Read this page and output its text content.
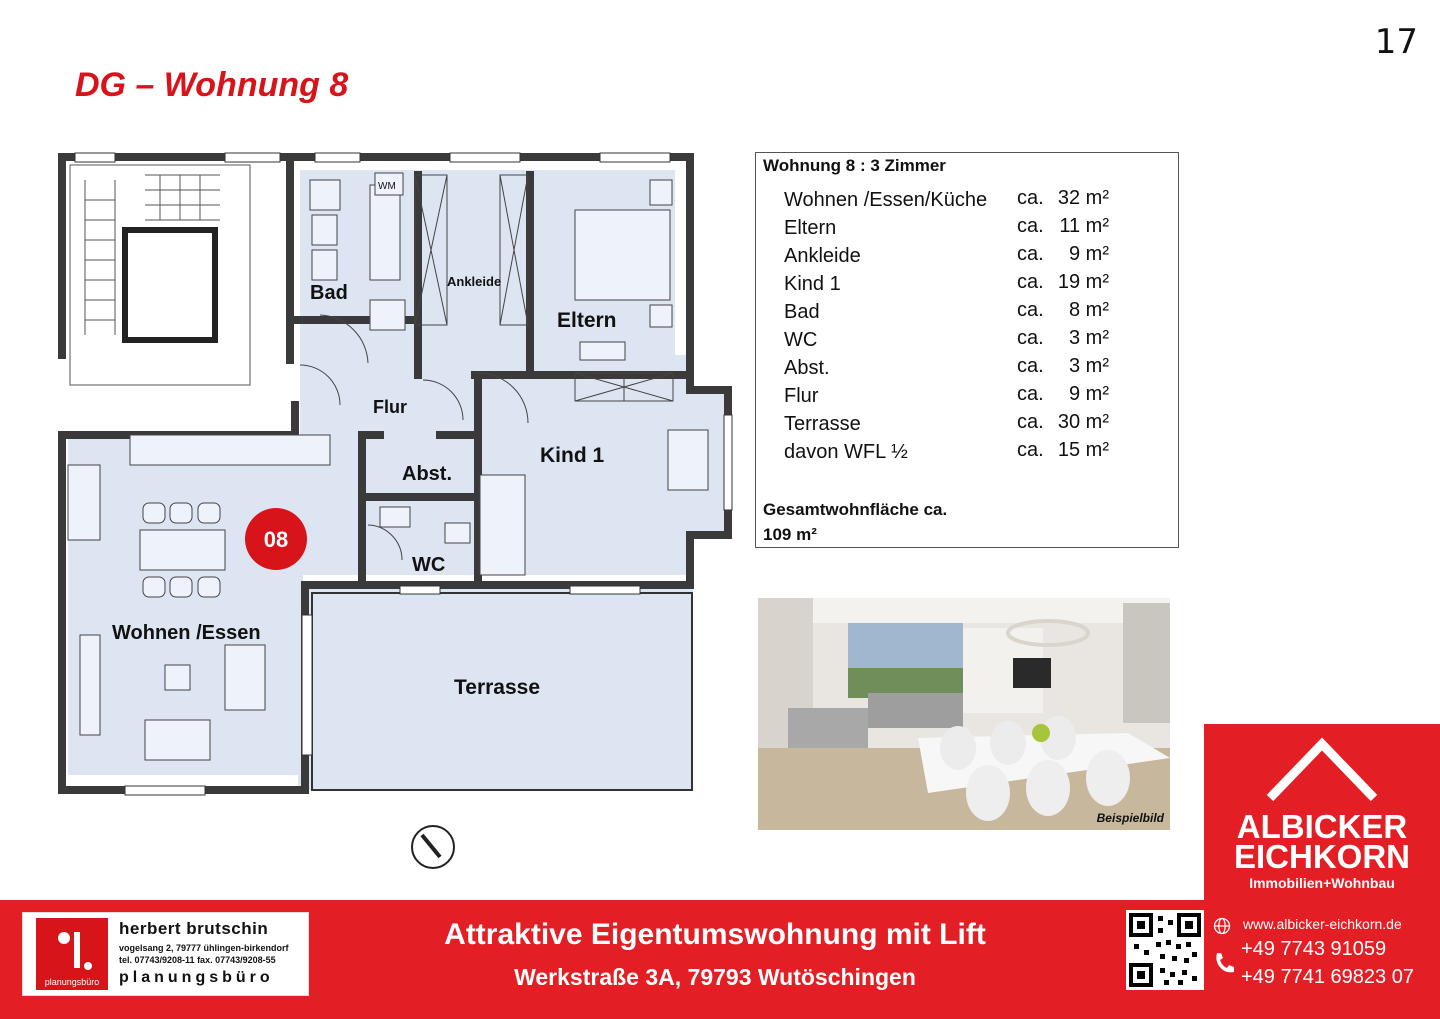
17
DG – Wohnung 8
08
Bad
Ankleide
Eltern
Flur
Abst.
Kind 1
WC
Wohnen /Essen
Terrasse
WM
Wohnung 8 : 3 Zimmer
Wohnen /Essen/Küche ca. 32 m²
Eltern	ca. 11 m²
Ankleide	ca.	9 m²
Kind 1	ca. 19 m²
Bad	ca.	8 m²
WC	ca.	3 m²
Abst.	ca.	3 m²
Flur	ca.	9 m²
Terrasse	ca. 30 m²
davon WFL ½	ca. 15 m²
Gesamtwohnfläche ca.
109 m²
Beispielbild	ALBICKER
EICHKORN
Immobilien+Wohnbau
planungsbüro
herbert brutschin
vogelsang 2, 79777 ühlingen-birkendorf
tel. 07743/9208-11 fax. 07743/9208-55
planungsbüro
Attraktive Eigentumswohnung mit Lift
Werkstraße 3A, 79793 Wutöschingen
www.albicker-eichkorn.de
+49 7743 91059
+49 7741 69823 07
